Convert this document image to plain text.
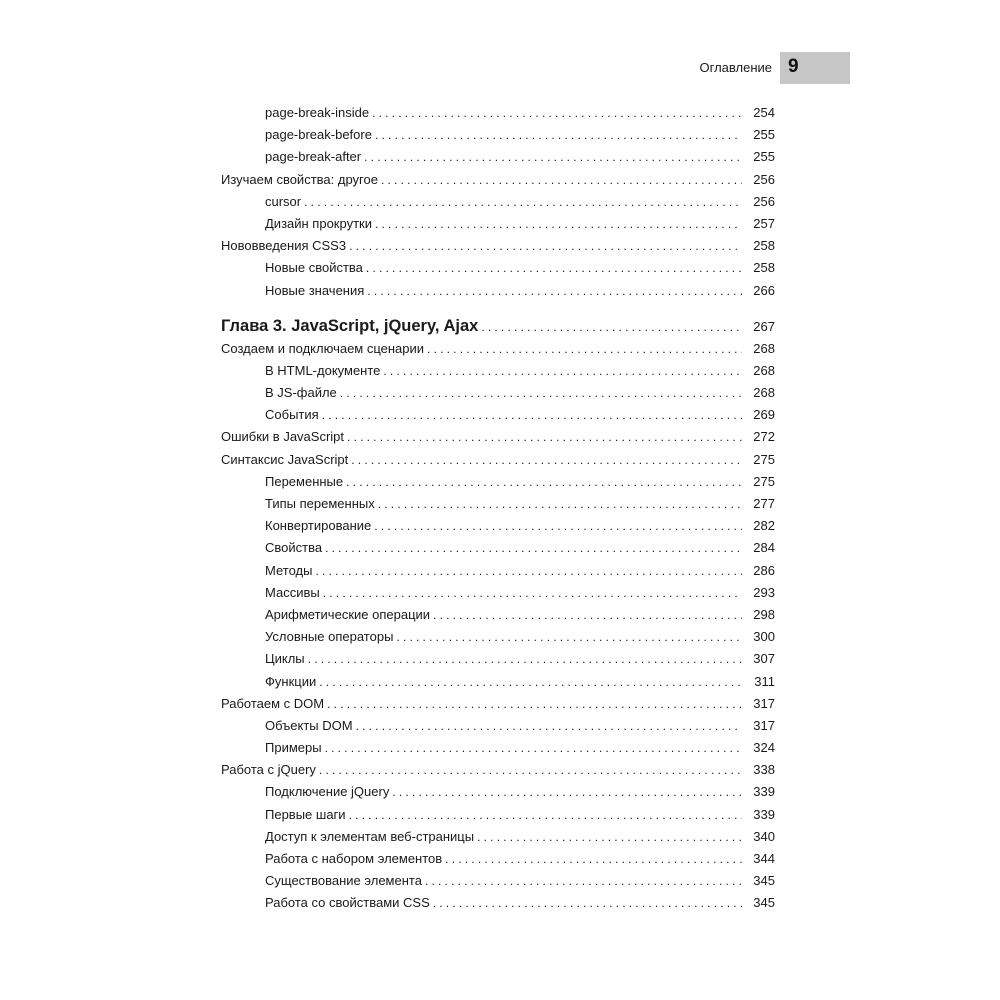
Оглавление 9
page-break-inside .....	254
page-break-before .....	255
page-break-after .....	255
Изучаем свойства: другое .....	256
cursor .....	256
Дизайн прокрутки .....	257
Нововведения CSS3 .....	258
Новые свойства .....	258
Новые значения .....	266
Глава 3. JavaScript, jQuery, Ajax .....	267
Создаем и подключаем сценарии .....	268
В HTML-документе .....	268
В JS-файле .....	268
События .....	269
Ошибки в JavaScript .....	272
Синтаксис JavaScript .....	275
Переменные .....	275
Типы переменных .....	277
Конвертирование .....	282
Свойства .....	284
Методы .....	286
Массивы .....	293
Арифметические операции .....	298
Условные операторы .....	300
Циклы .....	307
Функции .....	311
Работаем с DOM .....	317
Объекты DOM .....	317
Примеры .....	324
Работа с jQuery .....	338
Подключение jQuery .....	339
Первые шаги .....	339
Доступ к элементам веб-страницы .....	340
Работа с набором элементов .....	344
Существование элемента .....	345
Работа со свойствами CSS .....	345
